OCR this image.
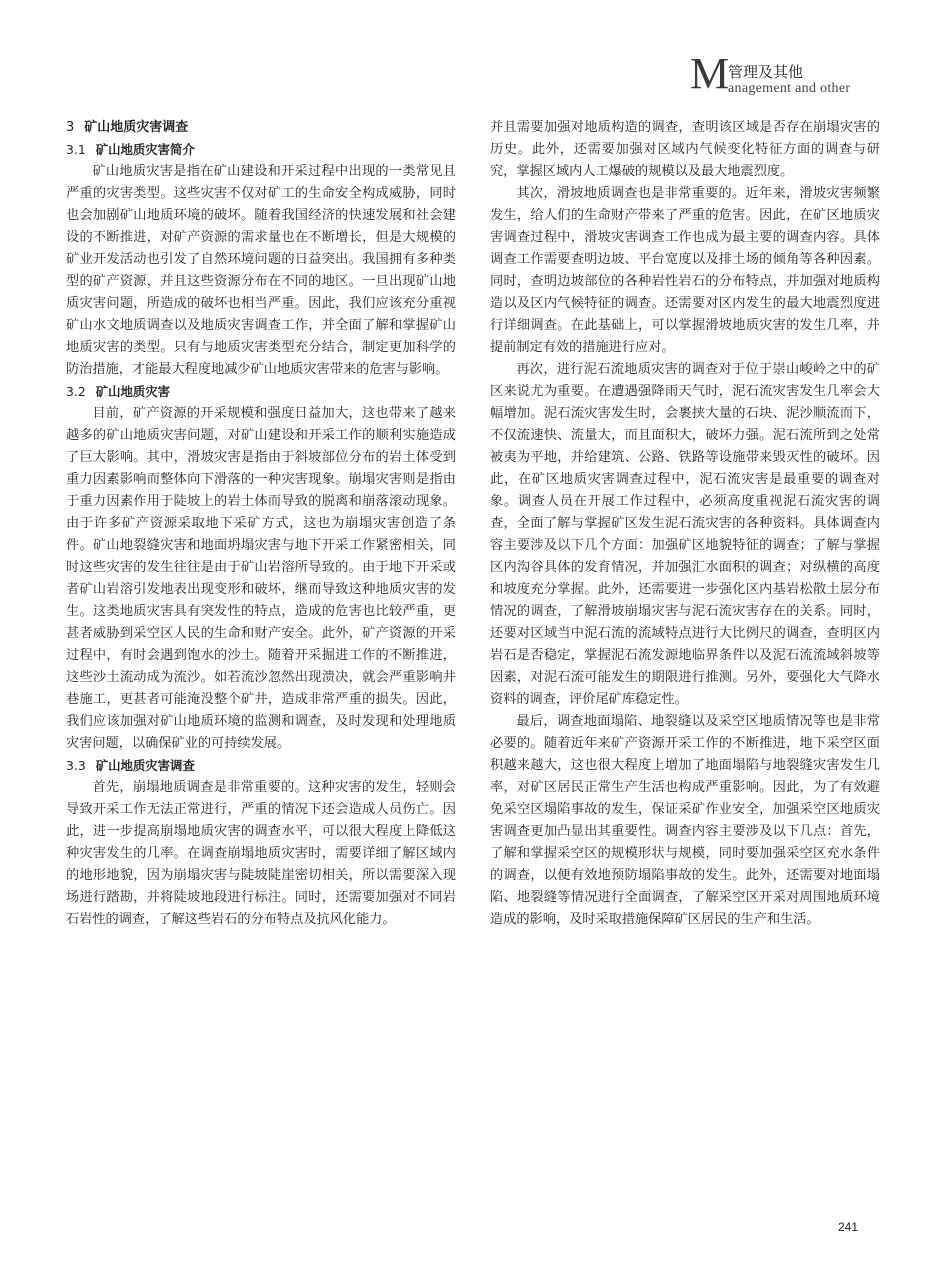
M
管理及其他
anagement and other
3 矿山地质灾害调查
3.1 矿山地质灾害简介

矿山地质灾害是指在矿山建设和开采过程中出现的一类常见且严重的灾害类型。这些灾害不仅对矿工的生命安全构成威胁，同时也会加剧矿山地质环境的破坏。随着我国经济的快速发展和社会建设的不断推进，对矿产资源的需求量也在不断增长，但是大规模的矿业开发活动也引发了自然环境问题的日益突出。我国拥有多种类型的矿产资源，并且这些资源分布在不同的地区。一旦出现矿山地质灾害问题，所造成的破坏也相当严重。因此，我们应该充分重视矿山水文地质调查以及地质灾害调查工作，并全面了解和掌握矿山地质灾害的类型。只有与地质灾害类型充分结合，制定更加科学的防治措施，才能最大程度地减少矿山地质灾害带来的危害与影响。

3.2 矿山地质灾害

目前，矿产资源的开采规模和强度日益加大，这也带来了越来越多的矿山地质灾害问题，对矿山建设和开采工作的顺利实施造成了巨大影响。其中，滑坡灾害是指由于斜坡部位分布的岩土体受到重力因素影响而整体向下滑落的一种灾害现象。崩塌灾害则是指由于重力因素作用于陡坡上的岩土体而导致的脱离和崩落滚动现象。由于许多矿产资源采取地下采矿方式，这也为崩塌灾害创造了条件。矿山地裂缝灾害和地面坍塌灾害与地下开采工作紧密相关，同时这些灾害的发生往往是由于矿山岩溶所导致的。由于地下开采或者矿山岩溶引发地表出现变形和破坏，继而导致这种地质灾害的发生。这类地质灾害具有突发性的特点，造成的危害也比较严重，更甚者威胁到采空区人民的生命和财产安全。此外，矿产资源的开采过程中，有时会遇到饱水的沙土。随着开采掘进工作的不断推进，这些沙土流动成为流沙。如若流沙忽然出现溃决，就会严重影响井巷施工，更甚者可能淹没整个矿井，造成非常严重的损失。因此，我们应该加强对矿山地质环境的监测和调查，及时发现和处理地质灾害问题，以确保矿业的可持续发展。

3.3 矿山地质灾害调查

首先，崩塌地质调查是非常重要的。这种灾害的发生，轻则会导致开采工作无法正常进行，严重的情况下还会造成人员伤亡。因此，进一步提高崩塌地质灾害的调查水平，可以很大程度上降低这种灾害发生的几率。在调查崩塌地质灾害时，需要详细了解区域内的地形地貌，因为崩塌灾害与陡坡陡崖密切相关，所以需要深入现场进行踏勘，并将陡坡地段进行标注。同时，还需要加强对不同岩石岩性的调查，了解这些岩石的分布特点及抗风化能力。

并且需要加强对地质构造的调查，查明该区域是否存在崩塌灾害的历史。此外，还需要加强对区域内气候变化特征方面的调查与研究，掌握区域内人工爆破的规模以及最大地震烈度。

其次，滑坡地质调查也是非常重要的。近年来，滑坡灾害频繁发生，给人们的生命财产带来了严重的危害。因此，在矿区地质灾害调查过程中，滑坡灾害调查工作也成为最主要的调查内容。具体调查工作需要查明边坡、平台宽度以及排土场的倾角等各种因素。同时，查明边坡部位的各种岩性岩石的分布特点，并加强对地质构造以及区内气候特征的调查。还需要对区内发生的最大地震烈度进行详细调查。在此基础上，可以掌握滑坡地质灾害的发生几率，并提前制定有效的措施进行应对。

再次，进行泥石流地质灾害的调查对于位于崇山峻岭之中的矿区来说尤为重要。在遭遇强降雨天气时，泥石流灾害发生几率会大幅增加。泥石流灾害发生时，会裹挟大量的石块、泥沙顺流而下，不仅流速快、流量大，而且面积大，破坏力强。泥石流所到之处常被夷为平地，并给建筑、公路、铁路等设施带来毁灭性的破坏。因此，在矿区地质灾害调查过程中，泥石流灾害是最重要的调查对象。调查人员在开展工作过程中，必须高度重视泥石流灾害的调查，全面了解与掌握矿区发生泥石流灾害的各种资料。具体调查内容主要涉及以下几个方面：加强矿区地貌特征的调查；了解与掌握区内沟谷具体的发育情况，并加强汇水面积的调查；对纵横的高度和坡度充分掌握。此外，还需要进一步强化区内基岩松散土层分布情况的调查，了解滑坡崩塌灾害与泥石流灾害存在的关系。同时，还要对区域当中泥石流的流域特点进行大比例尺的调查，查明区内岩石是否稳定，掌握泥石流发源地临界条件以及泥石流流域斜坡等因素，对泥石流可能发生的期限进行推测。另外，要强化大气降水资料的调查，评价尾矿库稳定性。

最后，调查地面塌陷、地裂缝以及采空区地质情况等也是非常必要的。随着近年来矿产资源开采工作的不断推进，地下采空区面积越来越大，这也很大程度上增加了地面塌陷与地裂缝灾害发生几率，对矿区居民正常生产生活也构成严重影响。因此，为了有效避免采空区塌陷事故的发生，保证采矿作业安全，加强采空区地质灾害调查更加凸显出其重要性。调查内容主要涉及以下几点：首先，了解和掌握采空区的规模形状与规模，同时要加强采空区充水条件的调查，以便有效地预防塌陷事故的发生。此外，还需要对地面塌陷、地裂缝等情况进行全面调查，了解采空区开采对周围地质环境造成的影响，及时采取措施保障矿区居民的生产和生活。

241
